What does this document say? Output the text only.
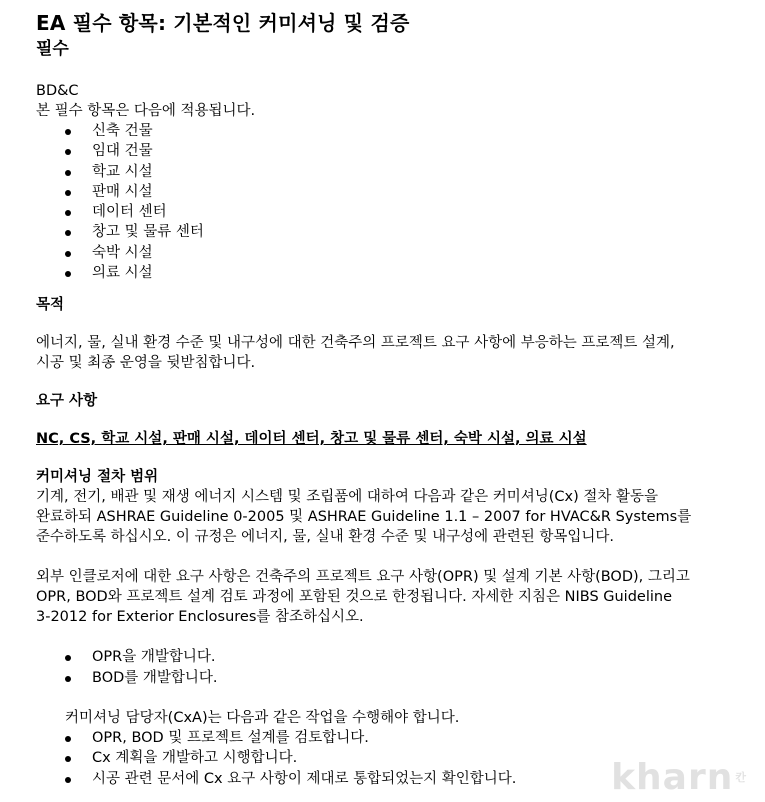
EA 필수 항목: 기본적인 커미셔닝 및 검증

필수

BD&C

본 필수 항목은 다음에 적용됩니다.

신축 건물
임대 건물
학교 시설
판매 시설
데이터 센터
창고 및 물류 센터
숙박 시설
의료 시설

목적

에너지, 물, 실내 환경 수준 및 내구성에 대한 건축주의 프로젝트 요구 사항에 부응하는 프로젝트 설계,

시공 및 최종 운영을 뒷받침합니다.

요구 사항

NC, CS, 학교 시설, 판매 시설, 데이터 센터, 창고 및 물류 센터, 숙박 시설, 의료 시설

커미셔닝 절차 범위

기계, 전기, 배관 및 재생 에너지 시스템 및 조립품에 대하여 다음과 같은 커미셔닝(Cx) 절차 활동을

완료하되 ASHRAE Guideline 0-2005 및 ASHRAE Guideline 1.1 – 2007 for HVAC&R Systems를

준수하도록 하십시오. 이 규정은 에너지, 물, 실내 환경 수준 및 내구성에 관련된 항목입니다.

외부 인클로저에 대한 요구 사항은 건축주의 프로젝트 요구 사항(OPR) 및 설계 기본 사항(BOD), 그리고

OPR, BOD와 프로젝트 설계 검토 과정에 포함된 것으로 한정됩니다. 자세한 지침은 NIBS Guideline

3-2012 for Exterior Enclosures를 참조하십시오.

OPR을 개발합니다.
BOD를 개발합니다.

커미셔닝 담당자(CxA)는 다음과 같은 작업을 수행해야 합니다.

OPR, BOD 및 프로젝트 설계를 검토합니다.
Cx 계획을 개발하고 시행합니다.
시공 관련 문서에 Cx 요구 사항이 제대로 통합되었는지 확인합니다.	kharn $^칸$
